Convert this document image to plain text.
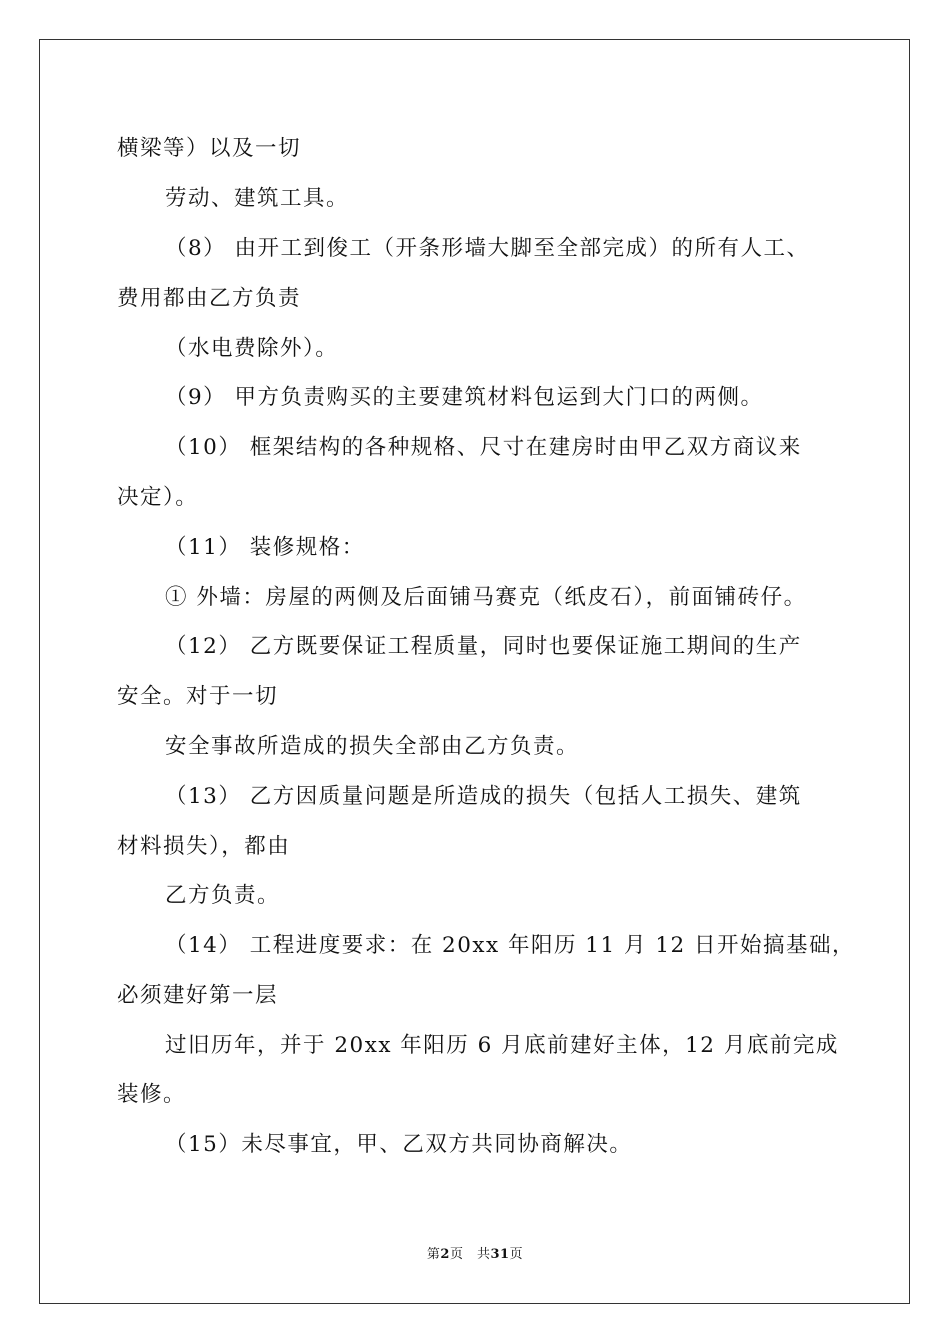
横梁等）以及一切
劳动、建筑工具。
（8） 由开工到俊工（开条形墙大脚至全部完成）的所有人工、
费用都由乙方负责
（水电费除外）。
（9） 甲方负责购买的主要建筑材料包运到大门口的两侧。
（10） 框架结构的各种规格、尺寸在建房时由甲乙双方商议来
决定）。
（11） 装修规格：
① 外墙：房屋的两侧及后面铺马赛克（纸皮石），前面铺砖仔。
（12） 乙方既要保证工程质量，同时也要保证施工期间的生产
安全。对于一切
安全事故所造成的损失全部由乙方负责。
（13） 乙方因质量问题是所造成的损失（包括人工损失、建筑
材料损失），都由
乙方负责。
（14） 工程进度要求：在 20xx 年阳历 11 月 12 日开始搞基础，
必须建好第一层
过旧历年，并于 20xx 年阳历 6 月底前建好主体，12 月底前完成
装修。
（15）未尽事宜，甲、乙双方共同协商解决。
第2页　共31页
